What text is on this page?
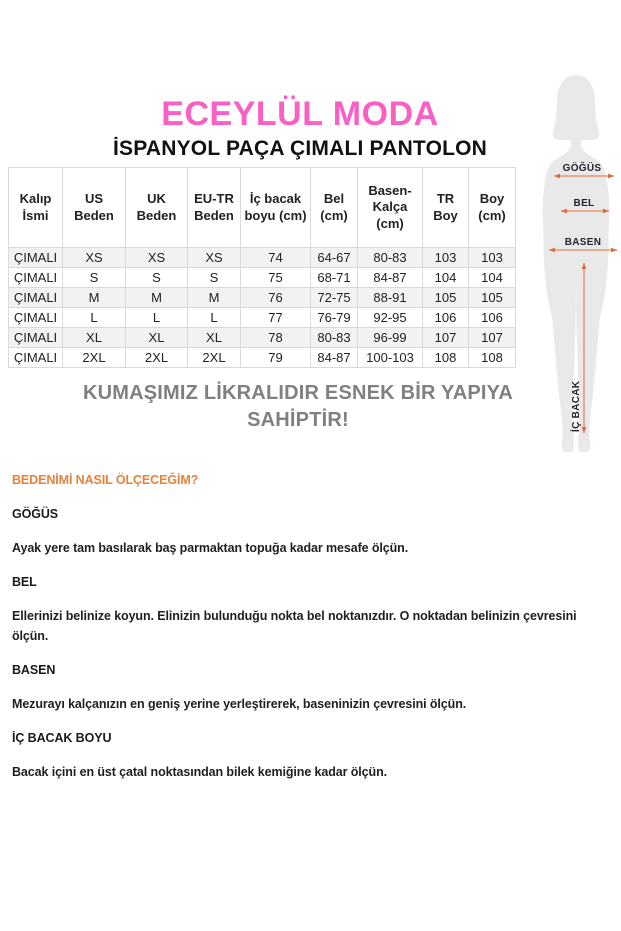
ECEYLÜL MODA
İSPANYOL PAÇA ÇIMALI PANTOLON
Kalıp İsmi	US Beden	UK Beden	EU-TR Beden	İç bacak boyu (cm)	Bel (cm)	Basen-Kalça (cm)	TR Boy	Boy (cm)
ÇIMALI	XS	XS	XS	74	64-67	80-83	103	103
ÇIMALI	S	S	S	75	68-71	84-87	104	104
ÇIMALI	M	M	M	76	72-75	88-91	105	105
ÇIMALI	L	L	L	77	76-79	92-95	106	106
ÇIMALI	XL	XL	XL	78	80-83	96-99	107	107
ÇIMALI	2XL	2XL	2XL	79	84-87	100-103	108	108
KUMAŞIMIZ LİKRALIDIR ESNEK BİR YAPIYA SAHİPTİR!

BEDENİMİ NASIL ÖLÇECEĞİM?

GÖĞÜS

Ayak yere tam basılarak baş parmaktan topuğa kadar mesafe ölçün.

BEL

Ellerinizi belinize koyun. Elinizin bulunduğu nokta bel noktanızdır. O noktadan belinizin çevresini ölçün.

BASEN

Mezurayı kalçanızın en geniş yerine yerleştirerek, baseninizin çevresini ölçün.

İÇ BACAK BOYU

Bacak içini en üst çatal noktasından bilek kemiğine kadar ölçün.

GÖĞÜS
BEL
BASEN
İÇ BACAK
